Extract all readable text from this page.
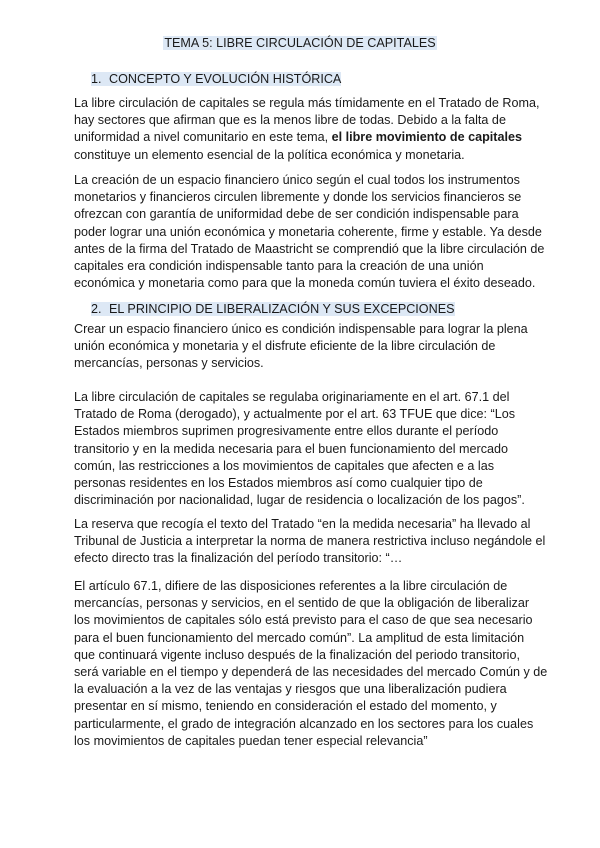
TEMA 5: LIBRE CIRCULACIÓN DE CAPITALES
1. CONCEPTO Y EVOLUCIÓN HISTÓRICA
La libre circulación de capitales se regula más tímidamente en el Tratado de Roma,
hay sectores que afirman que es la menos libre de todas. Debido a la falta de
uniformidad a nivel comunitario en este tema, el libre movimiento de capitales
constituye un elemento esencial de la política económica y monetaria.
La creación de un espacio financiero único según el cual todos los instrumentos
monetarios y financieros circulen libremente y donde los servicios financieros se
ofrezcan con garantía de uniformidad debe de ser condición indispensable para
poder lograr una unión económica y monetaria coherente, firme y estable. Ya desde
antes de la firma del Tratado de Maastricht se comprendió que la libre circulación de
capitales era condición indispensable tanto para la creación de una unión
económica y monetaria como para que la moneda común tuviera el éxito deseado.
2. EL PRINCIPIO DE LIBERALIZACIÓN Y SUS EXCEPCIONES
Crear un espacio financiero único es condición indispensable para lograr la plena
unión económica y monetaria y el disfrute eficiente de la libre circulación de
mercancías, personas y servicios.
La libre circulación de capitales se regulaba originariamente en el art. 67.1 del
Tratado de Roma (derogado), y actualmente por el art. 63 TFUE que dice: “Los
Estados miembros suprimen progresivamente entre ellos durante el período
transitorio y en la medida necesaria para el buen funcionamiento del mercado
común, las restricciones a los movimientos de capitales que afecten e a las
personas residentes en los Estados miembros así como cualquier tipo de
discriminación por nacionalidad, lugar de residencia o localización de los pagos”.
La reserva que recogía el texto del Tratado “en la medida necesaria” ha llevado al
Tribunal de Justicia a interpretar la norma de manera restrictiva incluso negándole el
efecto directo tras la finalización del período transitorio: “…
El artículo 67.1, difiere de las disposiciones referentes a la libre circulación de
mercancías, personas y servicios, en el sentido de que la obligación de liberalizar
los movimientos de capitales sólo está previsto para el caso de que sea necesario
para el buen funcionamiento del mercado común”. La amplitud de esta limitación
que continuará vigente incluso después de la finalización del periodo transitorio,
será variable en el tiempo y dependerá de las necesidades del mercado Común y de
la evaluación a la vez de las ventajas y riesgos que una liberalización pudiera
presentar en sí mismo, teniendo en consideración el estado del momento, y
particularmente, el grado de integración alcanzado en los sectores para los cuales
los movimientos de capitales puedan tener especial relevancia”
